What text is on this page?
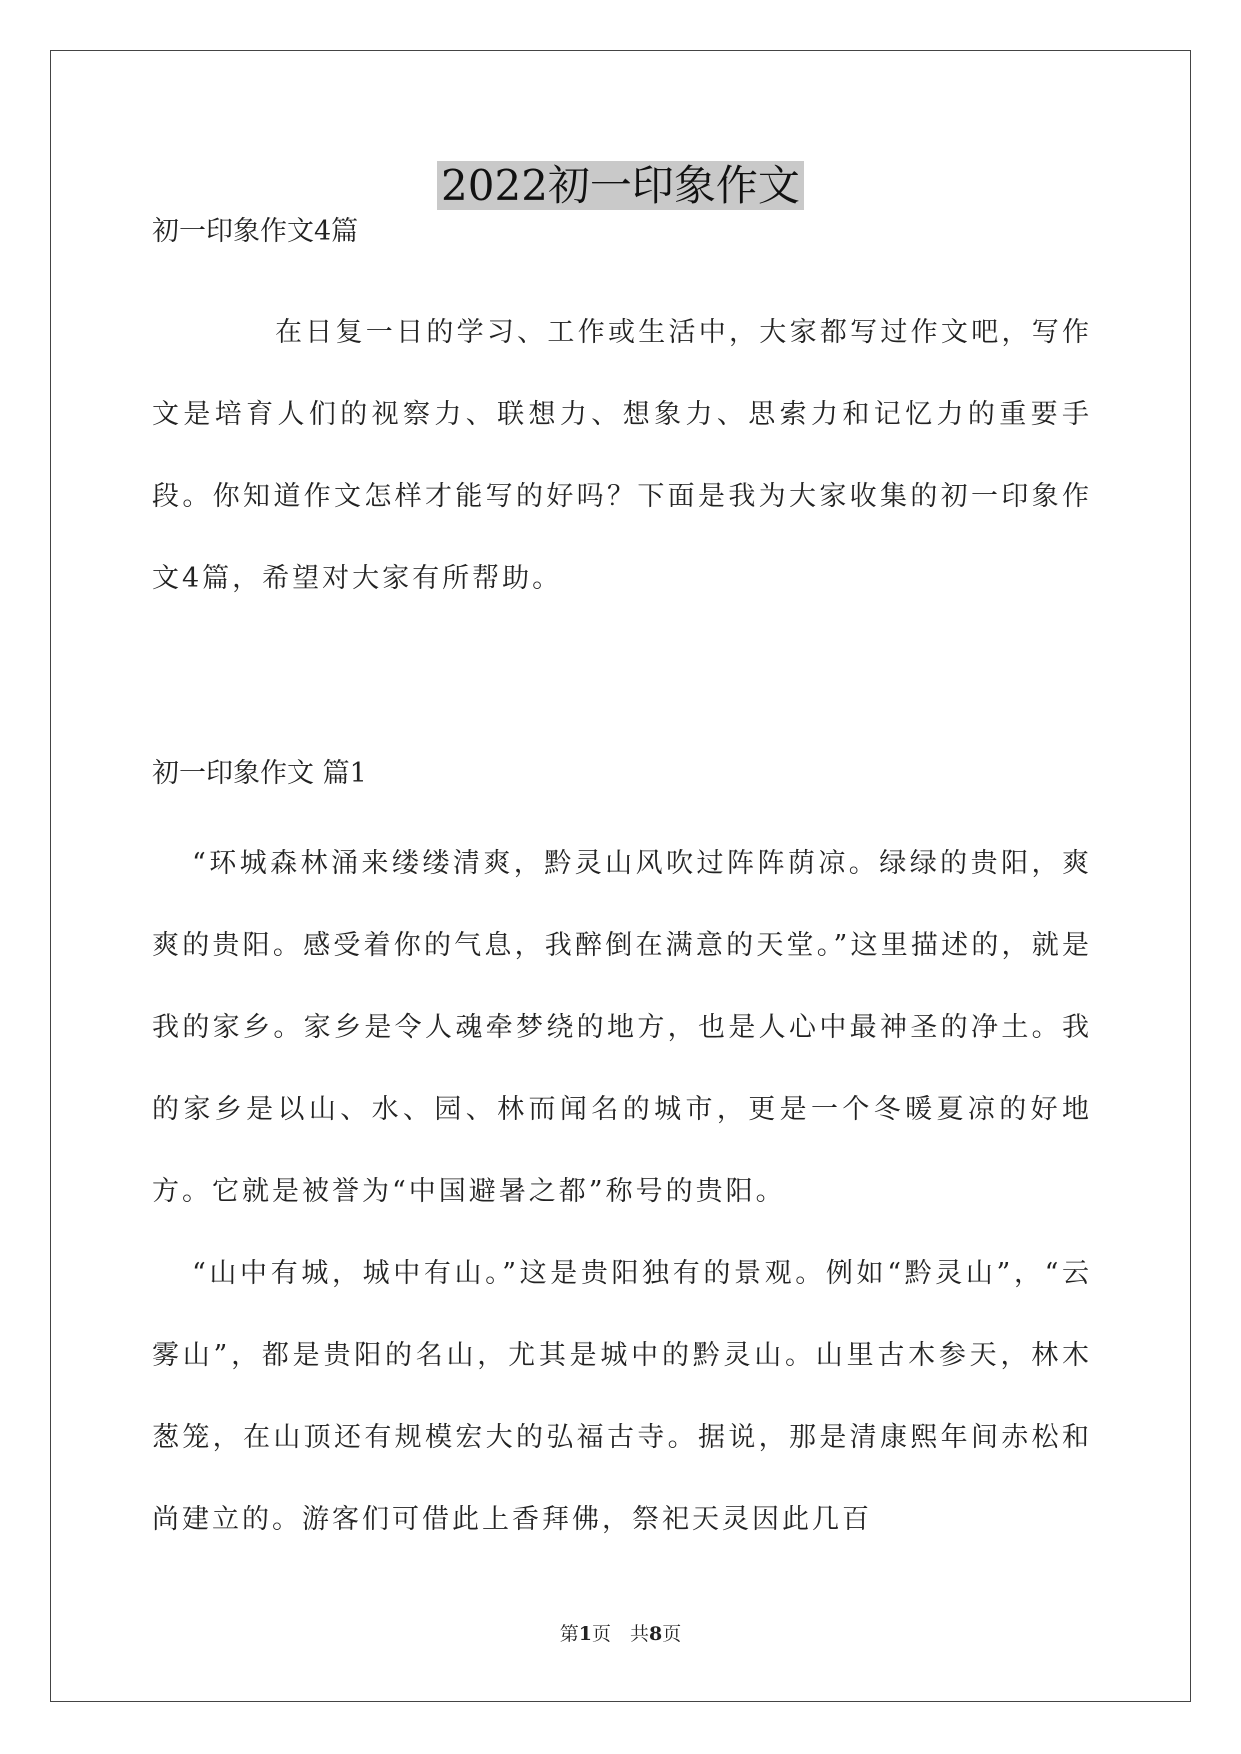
2022初一印象作文

初一印象作文4篇

在日复一日的学习、工作或生活中，大家都写过作文吧，写作文是培育人们的视察力、联想力、想象力、思索力和记忆力的重要手段。你知道作文怎样才能写的好吗？下面是我为大家收集的初一印象作文4篇，希望对大家有所帮助。

初一印象作文 篇1

“环城森林涌来缕缕清爽，黔灵山风吹过阵阵荫凉。绿绿的贵阳，爽爽的贵阳。感受着你的气息，我醉倒在满意的天堂。”这里描述的，就是我的家乡。家乡是令人魂牵梦绕的地方，也是人心中最神圣的净土。我的家乡是以山、水、园、林而闻名的城市，更是一个冬暖夏凉的好地方。它就是被誉为“中国避暑之都”称号的贵阳。

“山中有城，城中有山。”这是贵阳独有的景观。例如“黔灵山”，“云雾山”，都是贵阳的名山，尤其是城中的黔灵山。山里古木参天，林木葱笼，在山顶还有规模宏大的弘福古寺。据说，那是清康熙年间赤松和尚建立的。游客们可借此上香拜佛，祭祀天灵因此几百

第1页　共8页
